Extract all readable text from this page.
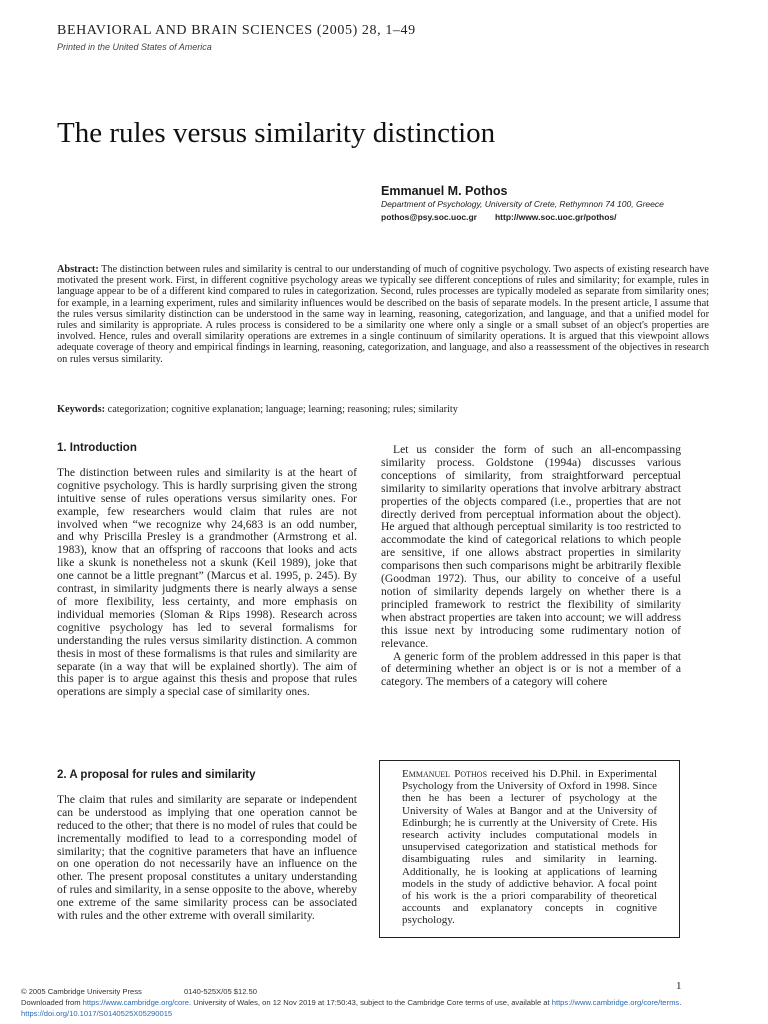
BEHAVIORAL AND BRAIN SCIENCES (2005) 28, 1–49
Printed in the United States of America
The rules versus similarity distinction
Emmanuel M. Pothos
Department of Psychology, University of Crete, Rethymnon 74 100, Greece
pothos@psy.soc.uoc.gr http://www.soc.uoc.gr/pothos/
Abstract: The distinction between rules and similarity is central to our understanding of much of cognitive psychology. Two aspects of existing research have motivated the present work. First, in different cognitive psychology areas we typically see different conceptions of rules and similarity; for example, rules in language appear to be of a different kind compared to rules in categorization. Second, rules processes are typically modeled as separate from similarity ones; for example, in a learning experiment, rules and similarity influences would be described on the basis of separate models. In the present article, I assume that the rules versus similarity distinction can be understood in the same way in learning, reasoning, categorization, and language, and that a unified model for rules and similarity is appropriate. A rules process is considered to be a similarity one where only a single or a small subset of an object's properties are involved. Hence, rules and overall similarity operations are extremes in a single continuum of similarity operations. It is argued that this viewpoint allows adequate coverage of theory and empirical findings in learning, reasoning, categorization, and language, and also a reassessment of the objectives in research on rules versus similarity.
Keywords: categorization; cognitive explanation; language; learning; reasoning; rules; similarity
1. Introduction

The distinction between rules and similarity is at the heart of cognitive psychology. This is hardly surprising given the strong intuitive sense of rules operations versus similarity ones. For example, few researchers would claim that rules are not involved when “we recognize why 24,683 is an odd number, and why Priscilla Presley is a grandmother (Armstrong et al. 1983), know that an offspring of raccoons that looks and acts like a skunk is nonetheless not a skunk (Keil 1989), joke that one cannot be a little pregnant” (Marcus et al. 1995, p. 245). By contrast, in similarity judgments there is nearly always a sense of more flexibility, less certainty, and more emphasis on individual memories (Sloman & Rips 1998). Research across cognitive psychology has led to several formalisms for understanding the rules versus similarity distinction. A common thesis in most of these formalisms is that rules and similarity are separate (in a way that will be explained shortly). The aim of this paper is to argue against this thesis and propose that rules operations are simply a special case of similarity ones.

2. A proposal for rules and similarity

The claim that rules and similarity are separate or independent can be understood as implying that one operation cannot be reduced to the other; that there is no model of rules that could be incrementally modified to lead to a corresponding model of similarity; that the cognitive parameters that have an influence on one operation do not necessarily have an influence on the other. The present proposal constitutes a unitary understanding of rules and similarity, in a sense opposite to the above, whereby one extreme of the same similarity process can be associated with rules and the other extreme with overall similarity.

Let us consider the form of such an all-encompassing similarity process. Goldstone (1994a) discusses various conceptions of similarity, from straightforward perceptual similarity to similarity operations that involve arbitrary abstract properties of the objects compared (i.e., properties that are not directly derived from perceptual information about the object). He argued that although perceptual similarity is too restricted to accommodate the kind of categorical relations to which people are sensitive, if one allows abstract properties in similarity comparisons then such comparisons might be arbitrarily flexible (Goodman 1972). Thus, our ability to conceive of a useful notion of similarity depends largely on whether there is a principled framework to restrict the flexibility of similarity when abstract properties are taken into account; we will address this issue next by introducing some rudimentary notion of relevance.

A generic form of the problem addressed in this paper is that of determining whether an object is or is not a member of a category. The members of a category will cohere

Emmanuel Pothos received his D.Phil. in Experimental Psychology from the University of Oxford in 1998. Since then he has been a lecturer of psychology at the University of Wales at Bangor and at the University of Edinburgh; he is currently at the University of Crete. His research activity includes computational models in unsupervised categorization and statistical methods for disambiguating rules and similarity in learning. Additionally, he is looking at applications of learning models in the study of addictive behavior. A focal point of his work is the a priori comparability of theoretical accounts and explanatory concepts in cognitive psychology.
© 2005 Cambridge University Press	0140-525X/05 $12.50
Downloaded from https://www.cambridge.org/core. University of Wales, on 12 Nov 2019 at 17:50:43, subject to the Cambridge Core terms of use, available at https://www.cambridge.org/core/terms.
https://doi.org/10.1017/S0140525X05290015
1
